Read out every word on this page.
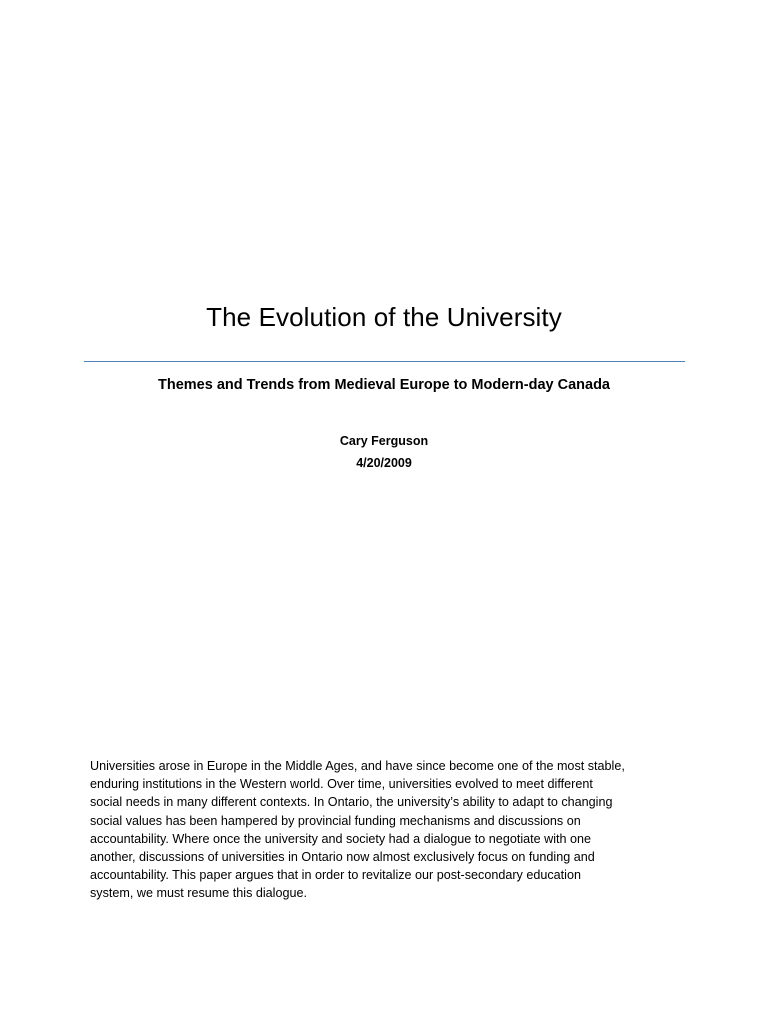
The Evolution of the University
Themes and Trends from Medieval Europe to Modern-day Canada
Cary Ferguson
4/20/2009
Universities arose in Europe in the Middle Ages, and have since become one of the most stable,
enduring institutions in the Western world. Over time, universities evolved to meet different
social needs in many different contexts. In Ontario, the university’s ability to adapt to changing
social values has been hampered by provincial funding mechanisms and discussions on
accountability. Where once the university and society had a dialogue to negotiate with one
another, discussions of universities in Ontario now almost exclusively focus on funding and
accountability. This paper argues that in order to revitalize our post-secondary education
system, we must resume this dialogue.
